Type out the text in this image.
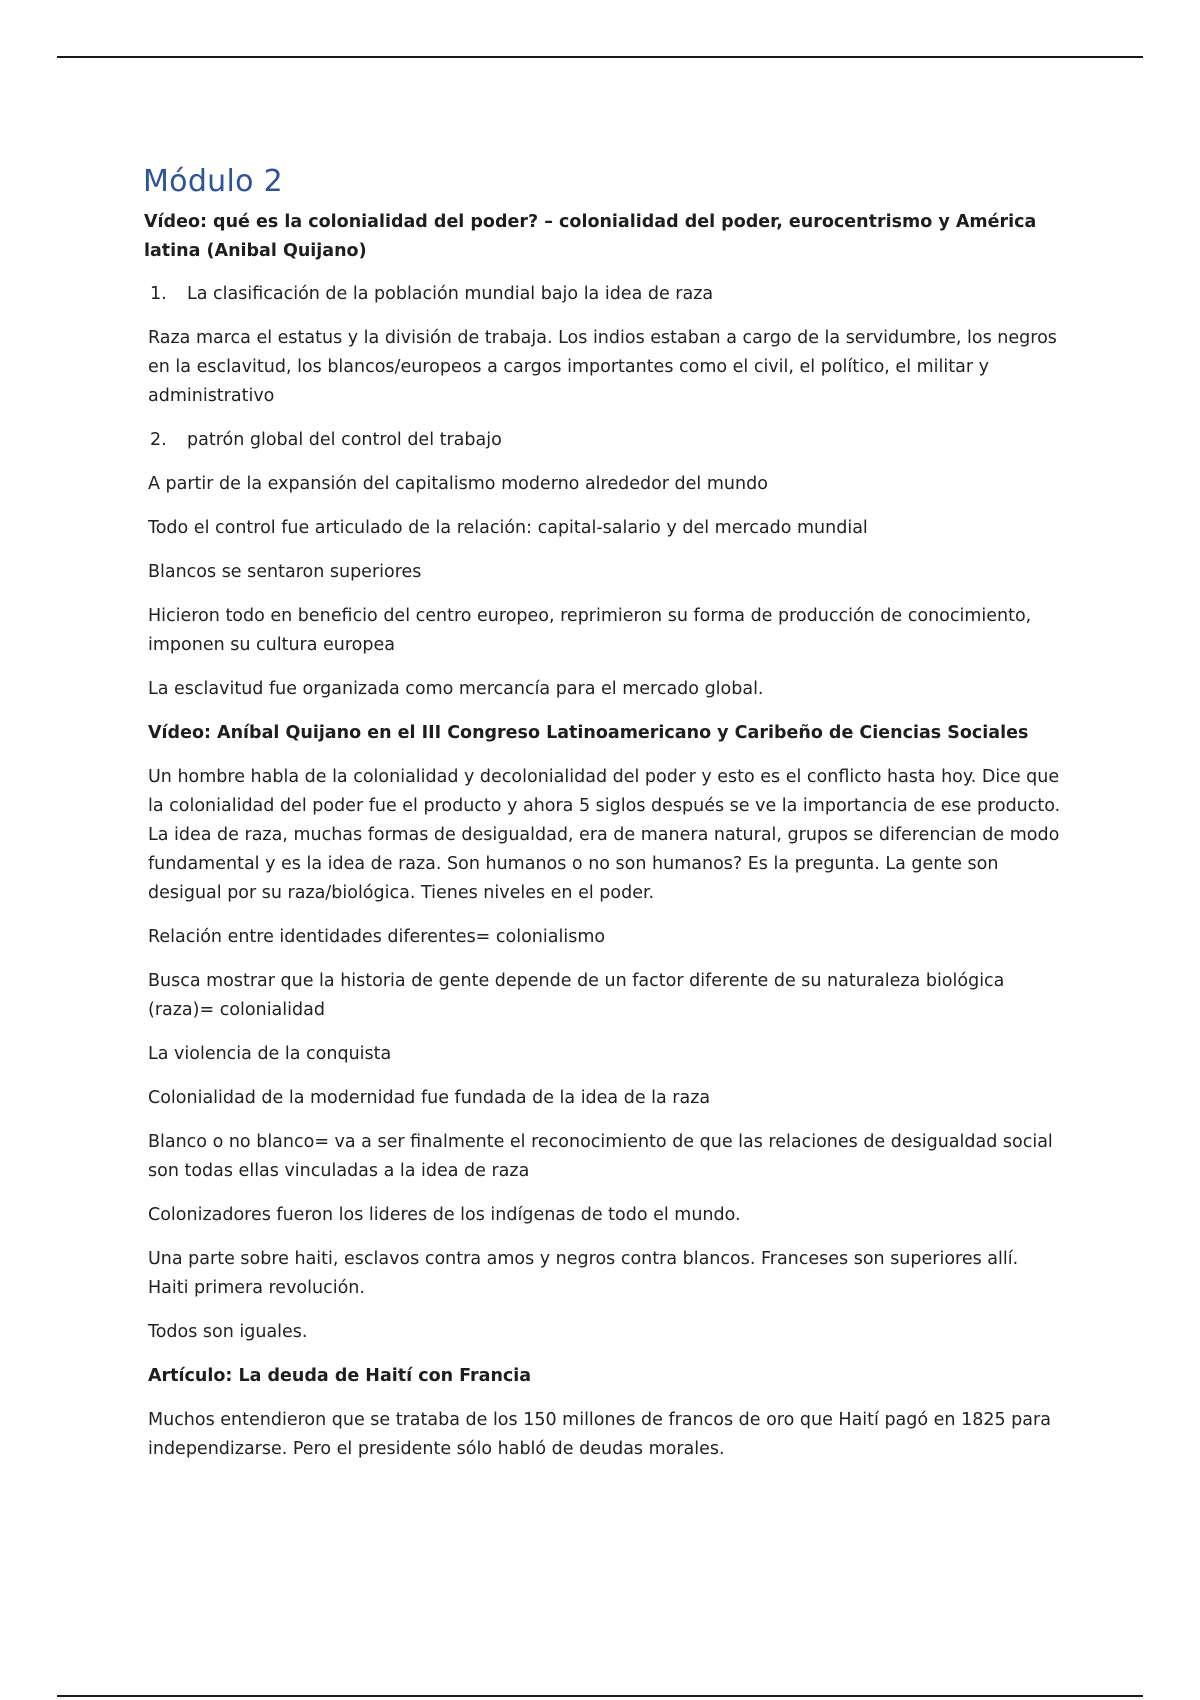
Módulo 2
Vídeo: qué es la colonialidad del poder? – colonialidad del poder, eurocentrismo y América latina (Anibal Quijano)
1.	La clasificación de la población mundial bajo la idea de raza
Raza marca el estatus y la división de trabaja. Los indios estaban a cargo de la servidumbre, los negros en la esclavitud, los blancos/europeos a cargos importantes como el civil, el político, el militar y administrativo
2.	patrón global del control del trabajo
A partir de la expansión del capitalismo moderno alrededor del mundo
Todo el control fue articulado de la relación: capital-salario y del mercado mundial
Blancos se sentaron superiores
Hicieron todo en beneficio del centro europeo, reprimieron su forma de producción de conocimiento, imponen su cultura europea
La esclavitud fue organizada como mercancía para el mercado global.
Vídeo: Aníbal Quijano en el III Congreso Latinoamericano y Caribeño de Ciencias Sociales
Un hombre habla de la colonialidad y decolonialidad del poder y esto es el conflicto hasta hoy. Dice que la colonialidad del poder fue el producto y ahora 5 siglos después se ve la importancia de ese producto. La idea de raza, muchas formas de desigualdad, era de manera natural, grupos se diferencian de modo fundamental y es la idea de raza. Son humanos o no son humanos? Es la pregunta. La gente son desigual por su raza/biológica. Tienes niveles en el poder.
Relación entre identidades diferentes= colonialismo
Busca mostrar que la historia de gente depende de un factor diferente de su naturaleza biológica (raza)= colonialidad
La violencia de la conquista
Colonialidad de la modernidad fue fundada de la idea de la raza
Blanco o no blanco= va a ser finalmente el reconocimiento de que las relaciones de desigualdad social son todas ellas vinculadas a la idea de raza
Colonizadores fueron los lideres de los indígenas de todo el mundo.
Una parte sobre haiti, esclavos contra amos y negros contra blancos. Franceses son superiores allí. Haiti primera revolución.
Todos son iguales.
Artículo: La deuda de Haití con Francia
Muchos entendieron que se trataba de los 150 millones de francos de oro que Haití pagó en 1825 para independizarse. Pero el presidente sólo habló de deudas morales.
